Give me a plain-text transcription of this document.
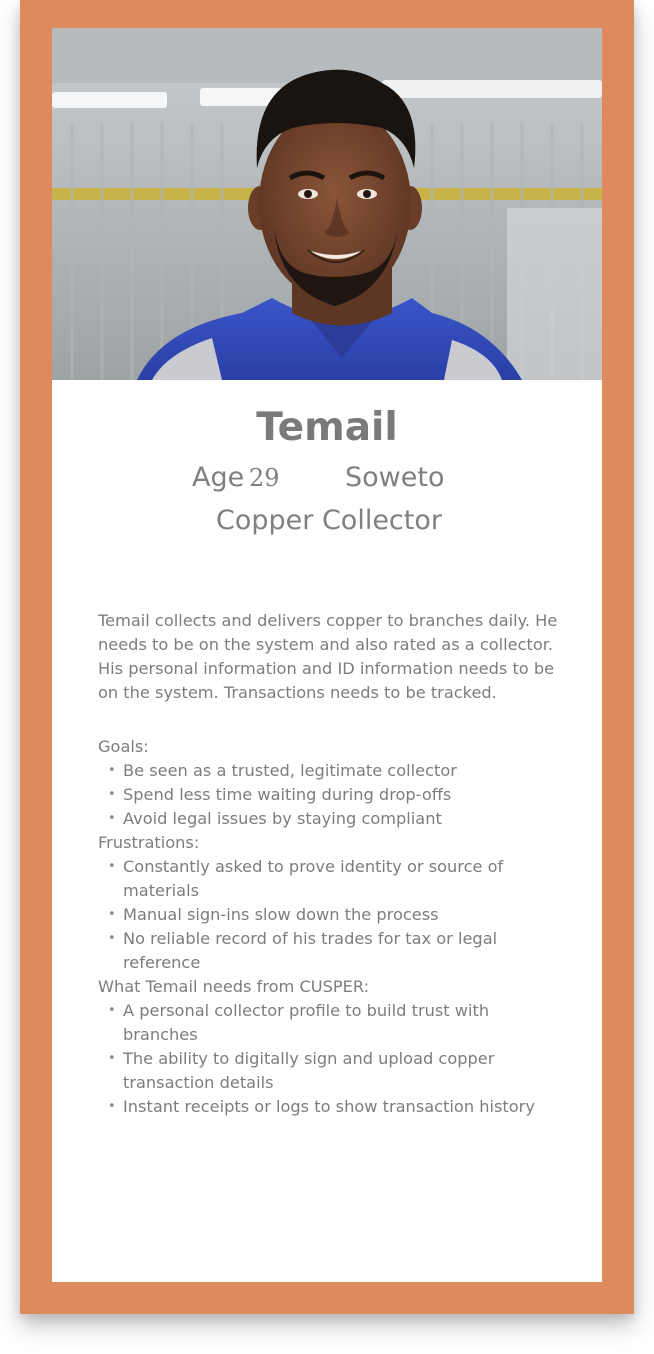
Temail
Age 29 Soweto
Copper Collector

Temail collects and delivers copper to branches daily. He needs to be on the system and also rated as a collector. His personal information and ID information needs to be on the system. Transactions needs to be tracked.

Goals:

• Be seen as a trusted, legitimate collector
• Spend less time waiting during drop-offs
• Avoid legal issues by staying compliant

Frustrations:

• Constantly asked to prove identity or source of materials
• Manual sign-ins slow down the process
• No reliable record of his trades for tax or legal reference

What Temail needs from CUSPER:

• A personal collector profile to build trust with branches
• The ability to digitally sign and upload copper transaction details
• Instant receipts or logs to show transaction history
